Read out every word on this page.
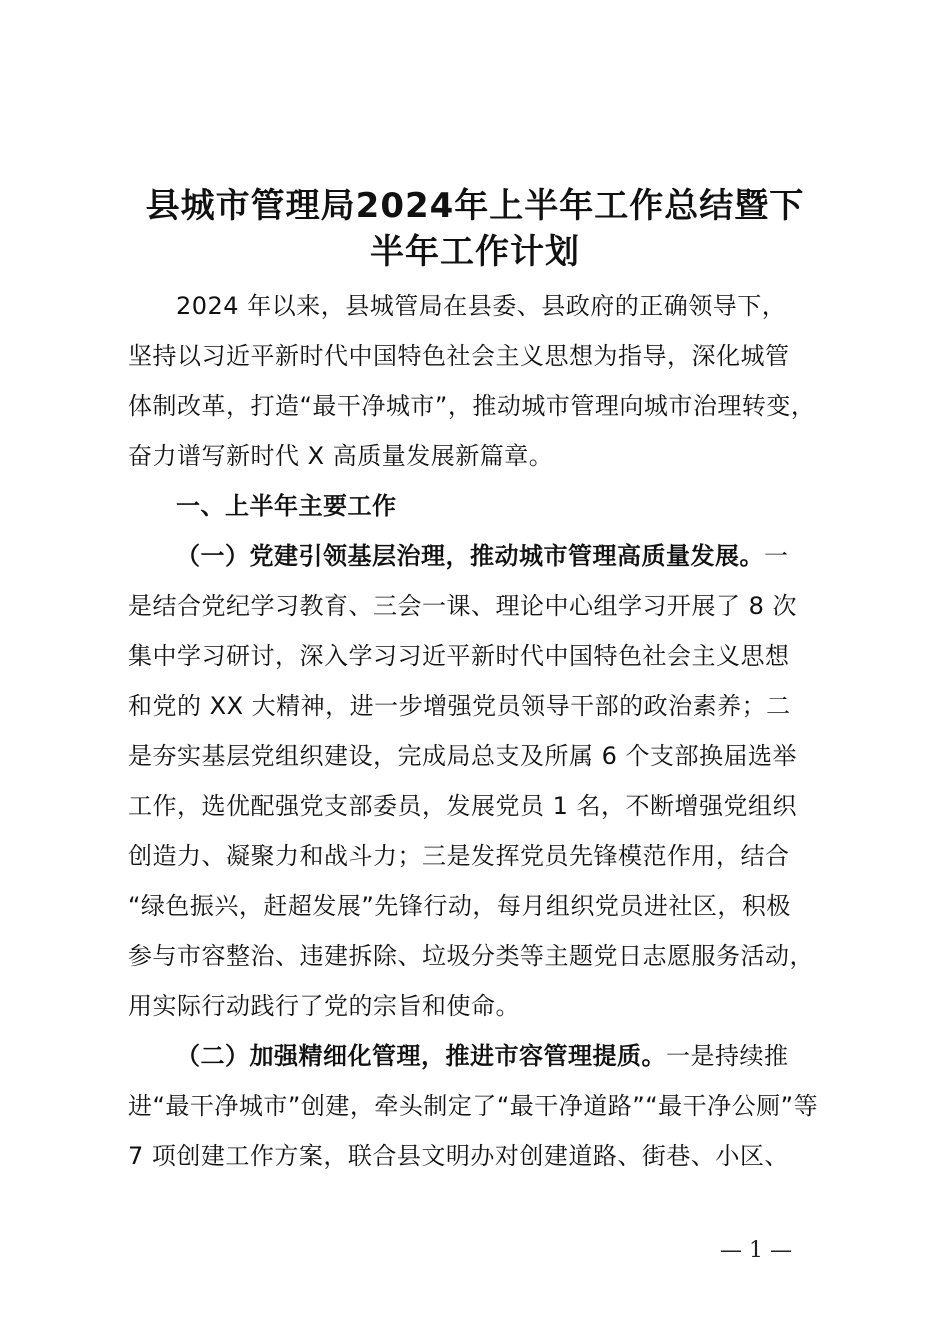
县城市管理局2024年上半年工作总结暨下
半年工作计划
2024 年以来，县城管局在县委、县政府的正确领导下，
坚持以习近平新时代中国特色社会主义思想为指导，深化城管
体制改革，打造“最干净城市”，推动城市管理向城市治理转变，
奋力谱写新时代 X 高质量发展新篇章。
一、上半年主要工作
（一）党建引领基层治理，推动城市管理高质量发展。一
是结合党纪学习教育、三会一课、理论中心组学习开展了 8 次
集中学习研讨，深入学习习近平新时代中国特色社会主义思想
和党的 XX 大精神，进一步增强党员领导干部的政治素养；二
是夯实基层党组织建设，完成局总支及所属 6 个支部换届选举
工作，选优配强党支部委员，发展党员 1 名，不断增强党组织
创造力、凝聚力和战斗力；三是发挥党员先锋模范作用，结合
“绿色振兴，赶超发展”先锋行动，每月组织党员进社区，积极
参与市容整治、违建拆除、垃圾分类等主题党日志愿服务活动，
用实际行动践行了党的宗旨和使命。
（二）加强精细化管理，推进市容管理提质。一是持续推
进“最干净城市”创建，牵头制定了“最干净道路”“最干净公厕”等
7 项创建工作方案，联合县文明办对创建道路、街巷、小区、
— 1 —
